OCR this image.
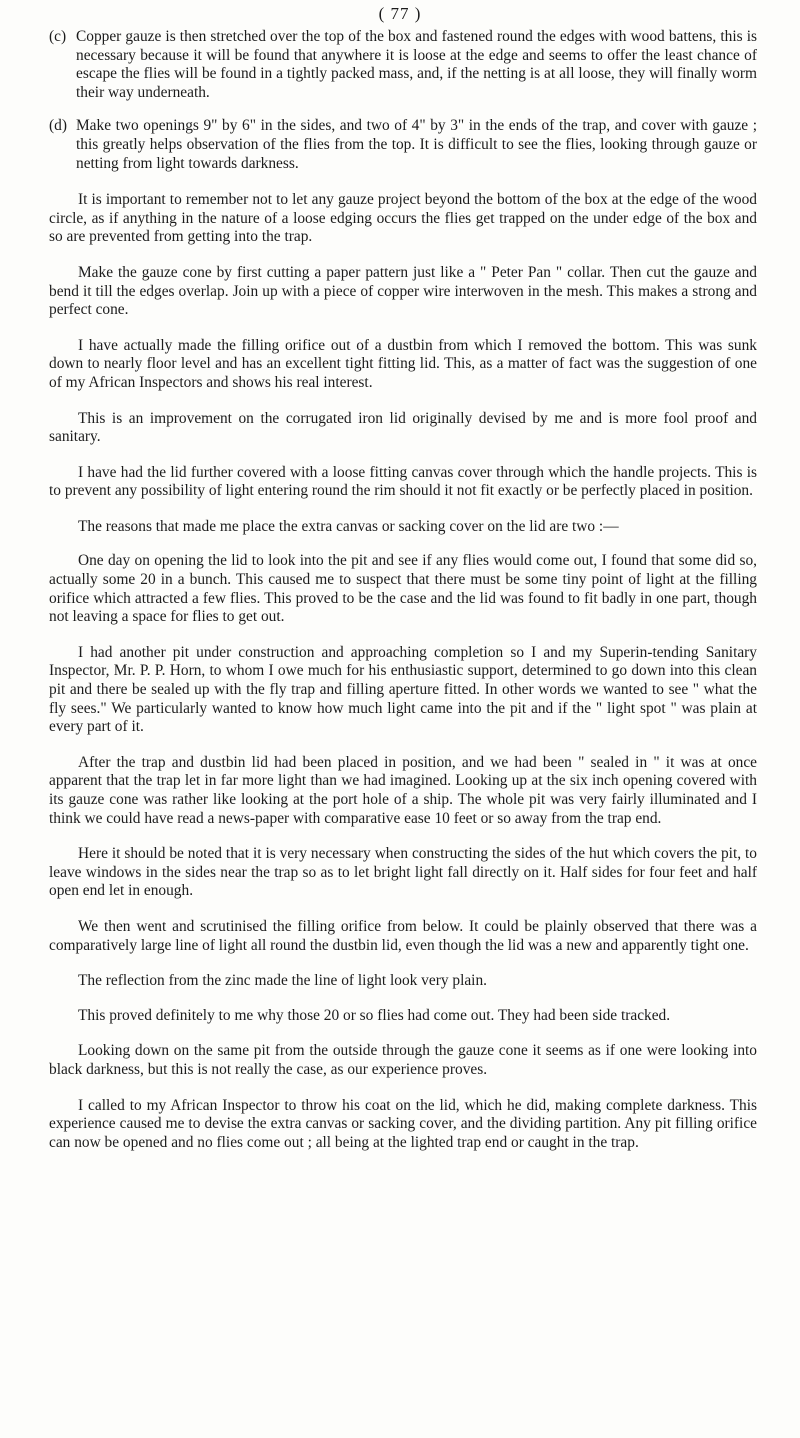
( 77 )
(c) Copper gauze is then stretched over the top of the box and fastened round the edges with wood battens, this is necessary because it will be found that anywhere it is loose at the edge and seems to offer the least chance of escape the flies will be found in a tightly packed mass, and, if the netting is at all loose, they will finally worm their way underneath.

(d) Make two openings 9" by 6" in the sides, and two of 4" by 3" in the ends of the trap, and cover with gauze ; this greatly helps observation of the flies from the top. It is difficult to see the flies, looking through gauze or netting from light towards darkness.

It is important to remember not to let any gauze project beyond the bottom of the box at the edge of the wood circle, as if anything in the nature of a loose edging occurs the flies get trapped on the under edge of the box and so are prevented from getting into the trap.

Make the gauze cone by first cutting a paper pattern just like a " Peter Pan " collar. Then cut the gauze and bend it till the edges overlap. Join up with a piece of copper wire interwoven in the mesh. This makes a strong and perfect cone.

I have actually made the filling orifice out of a dustbin from which I removed the bottom. This was sunk down to nearly floor level and has an excellent tight fitting lid. This, as a matter of fact was the suggestion of one of my African Inspectors and shows his real interest.

This is an improvement on the corrugated iron lid originally devised by me and is more fool proof and sanitary.

I have had the lid further covered with a loose fitting canvas cover through which the handle projects. This is to prevent any possibility of light entering round the rim should it not fit exactly or be perfectly placed in position.

The reasons that made me place the extra canvas or sacking cover on the lid are two :—

One day on opening the lid to look into the pit and see if any flies would come out, I found that some did so, actually some 20 in a bunch. This caused me to suspect that there must be some tiny point of light at the filling orifice which attracted a few flies. This proved to be the case and the lid was found to fit badly in one part, though not leaving a space for flies to get out.

I had another pit under construction and approaching completion so I and my Superin-tending Sanitary Inspector, Mr. P. P. Horn, to whom I owe much for his enthusiastic support, determined to go down into this clean pit and there be sealed up with the fly trap and filling aperture fitted. In other words we wanted to see " what the fly sees." We particularly wanted to know how much light came into the pit and if the " light spot " was plain at every part of it.

After the trap and dustbin lid had been placed in position, and we had been " sealed in " it was at once apparent that the trap let in far more light than we had imagined. Looking up at the six inch opening covered with its gauze cone was rather like looking at the port hole of a ship. The whole pit was very fairly illuminated and I think we could have read a news-paper with comparative ease 10 feet or so away from the trap end.

Here it should be noted that it is very necessary when constructing the sides of the hut which covers the pit, to leave windows in the sides near the trap so as to let bright light fall directly on it. Half sides for four feet and half open end let in enough.

We then went and scrutinised the filling orifice from below. It could be plainly observed that there was a comparatively large line of light all round the dustbin lid, even though the lid was a new and apparently tight one.

The reflection from the zinc made the line of light look very plain.

This proved definitely to me why those 20 or so flies had come out. They had been side tracked.

Looking down on the same pit from the outside through the gauze cone it seems as if one were looking into black darkness, but this is not really the case, as our experience proves.

I called to my African Inspector to throw his coat on the lid, which he did, making complete darkness. This experience caused me to devise the extra canvas or sacking cover, and the dividing partition. Any pit filling orifice can now be opened and no flies come out ; all being at the lighted trap end or caught in the trap.
